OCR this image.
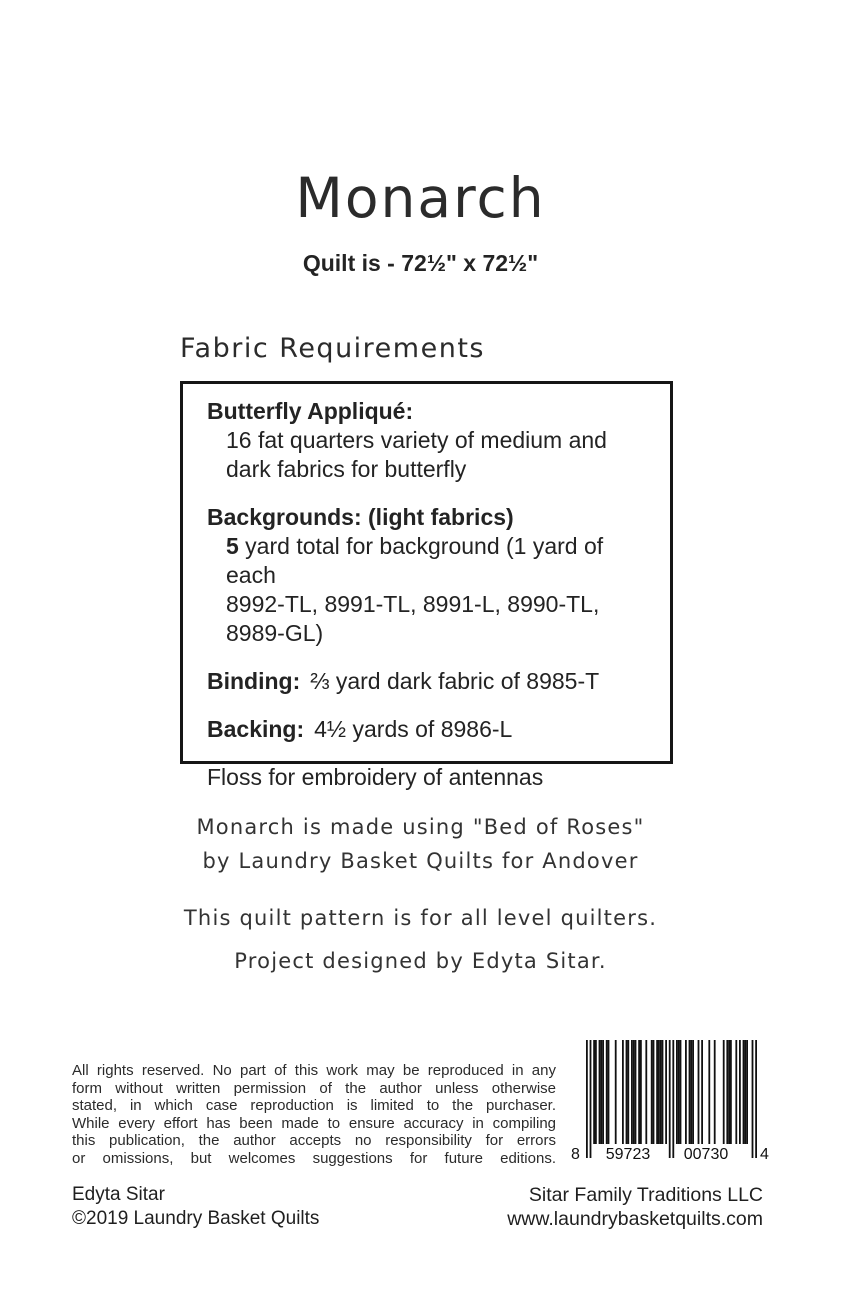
Monarch
Quilt is - 72½" x 72½"
Fabric Requirements
Butterfly Appliqué:
16 fat quarters variety of medium and
dark fabrics for butterfly
Backgrounds: (light fabrics)
5 yard total for background (1 yard of each
8992-TL, 8991-TL, 8991-L, 8990-TL, 8989-GL)
Binding: ⅔ yard dark fabric of 8985-T
Backing: 4½ yards of 8986-L
Floss for embroidery of antennas
Monarch is made using "Bed of Roses"
by Laundry Basket Quilts for Andover
This quilt pattern is for all level quilters.
Project designed by Edyta Sitar.
All rights reserved. No part of this work may be reproduced in any
form without written permission of the author unless otherwise
stated, in which case reproduction is limited to the purchaser.
While every effort has been made to ensure accuracy in compiling
this publication, the author accepts no responsibility for errors
or omissions, but welcomes suggestions for future editions. 8	59723	00730	4
Edyta Sitar
©2019 Laundry Basket Quilts
Sitar Family Traditions LLC
www.laundrybasketquilts.com
